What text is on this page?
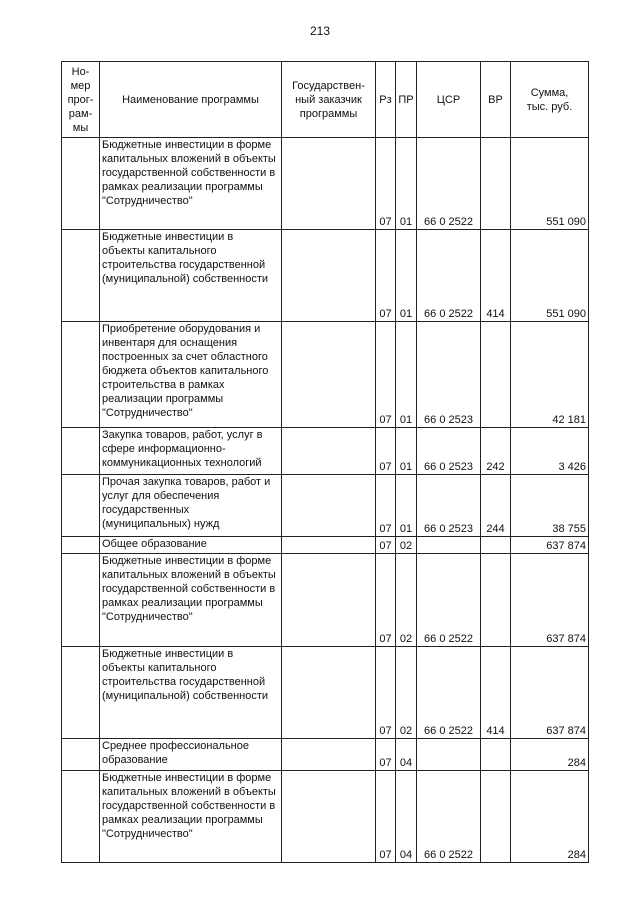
213
Но-
мер
прог-
рам-
мы	Наименование программы	Государствен-
ный заказчик
программы	Рз	ПР	ЦСР	ВР	Сумма,
тыс. руб.
	Бюджетные инвестиции в форме капитальных вложений в объекты государственной собственности в рамках реализации программы "Сотрудничество"		07	01	66 0 2522		551 090
	Бюджетные инвестиции в объекты капитального строительства государственной (муниципальной) собственности		07	01	66 0 2522	414	551 090
	Приобретение оборудования и инвентаря для оснащения построенных за счет областного бюджета объектов капитального строительства в рамках реализации программы "Сотрудничество"		07	01	66 0 2523		42 181
	Закупка товаров, работ, услуг в сфере информационно-коммуникационных технологий		07	01	66 0 2523	242	3 426
	Прочая закупка товаров, работ и услуг для обеспечения государственных (муниципальных) нужд		07	01	66 0 2523	244	38 755
	Общее образование		07	02			637 874
	Бюджетные инвестиции в форме капитальных вложений в объекты государственной собственности в рамках реализации программы "Сотрудничество"		07	02	66 0 2522		637 874
	Бюджетные инвестиции в объекты капитального строительства государственной (муниципальной) собственности		07	02	66 0 2522	414	637 874
	Среднее профессиональное образование		07	04			284
	Бюджетные инвестиции в форме капитальных вложений в объекты государственной собственности в рамках реализации программы "Сотрудничество"		07	04	66 0 2522		284
